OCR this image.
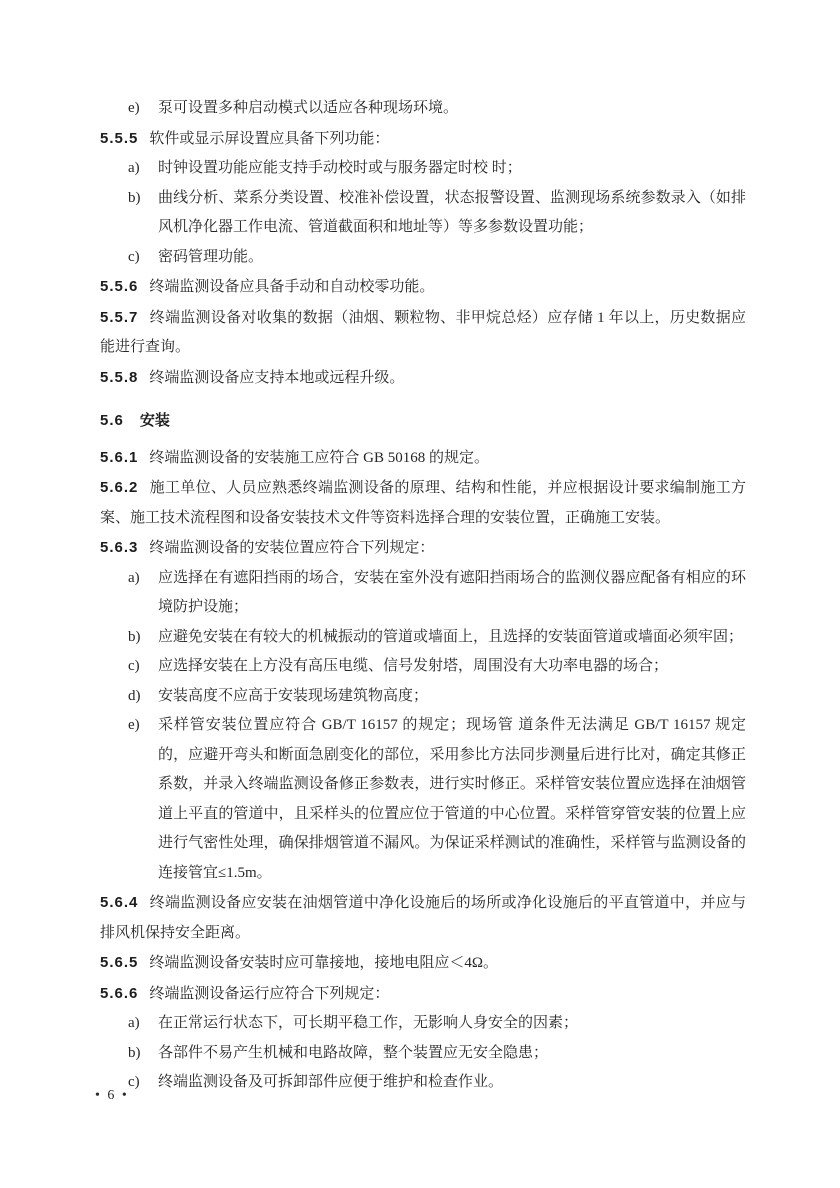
e) 泵可设置多种启动模式以适应各种现场环境。

5.5.5 软件或显示屏设置应具备下列功能：

a) 时钟设置功能应能支持手动校时或与服务器定时校 时；

b) 曲线分析、菜系分类设置、校准补偿设置，状态报警设置、监测现场系统参数录入（如排风机净化器工作电流、管道截面积和地址等）等多参数设置功能；

c) 密码管理功能。

5.5.6 终端监测设备应具备手动和自动校零功能。

5.5.7 终端监测设备对收集的数据（油烟、颗粒物、非甲烷总烃）应存储 1 年以上，历史数据应能进行查询。

5.5.8 终端监测设备应支持本地或远程升级。

5.6 安装

5.6.1 终端监测设备的安装施工应符合 GB 50168 的规定。

5.6.2 施工单位、人员应熟悉终端监测设备的原理、结构和性能，并应根据设计要求编制施工方案、施工技术流程图和设备安装技术文件等资料选择合理的安装位置，正确施工安装。

5.6.3 终端监测设备的安装位置应符合下列规定：

a) 应选择在有遮阳挡雨的场合，安装在室外没有遮阳挡雨场合的监测仪器应配备有相应的环境防护设施；

b) 应避免安装在有较大的机械振动的管道或墙面上，且选择的安装面管道或墙面必须牢固；

c) 应选择安装在上方没有高压电缆、信号发射塔，周围没有大功率电器的场合；

d) 安装高度不应高于安装现场建筑物高度；

e) 采样管安装位置应符合 GB/T 16157 的规定；现场管 道条件无法满足 GB/T 16157 规定的，应避开弯头和断面急剧变化的部位，采用参比方法同步测量后进行比对，确定其修正系数，并录入终端监测设备修正参数表，进行实时修正。采样管安装位置应选择在油烟管道上平直的管道中，且采样头的位置应位于管道的中心位置。采样管穿管安装的位置上应进行气密性处理，确保排烟管道不漏风。为保证采样测试的准确性，采样管与监测设备的连接管宜≤1.5m。

5.6.4 终端监测设备应安装在油烟管道中净化设施后的场所或净化设施后的平直管道中，并应与排风机保持安全距离。

5.6.5 终端监测设备安装时应可靠接地，接地电阻应＜4Ω。

5.6.6 终端监测设备运行应符合下列规定：

a) 在正常运行状态下，可长期平稳工作，无影响人身安全的因素；

b) 各部件不易产生机械和电路故障，整个装置应无安全隐患；

c) 终端监测设备及可拆卸部件应便于维护和检查作业。

• 6 •
